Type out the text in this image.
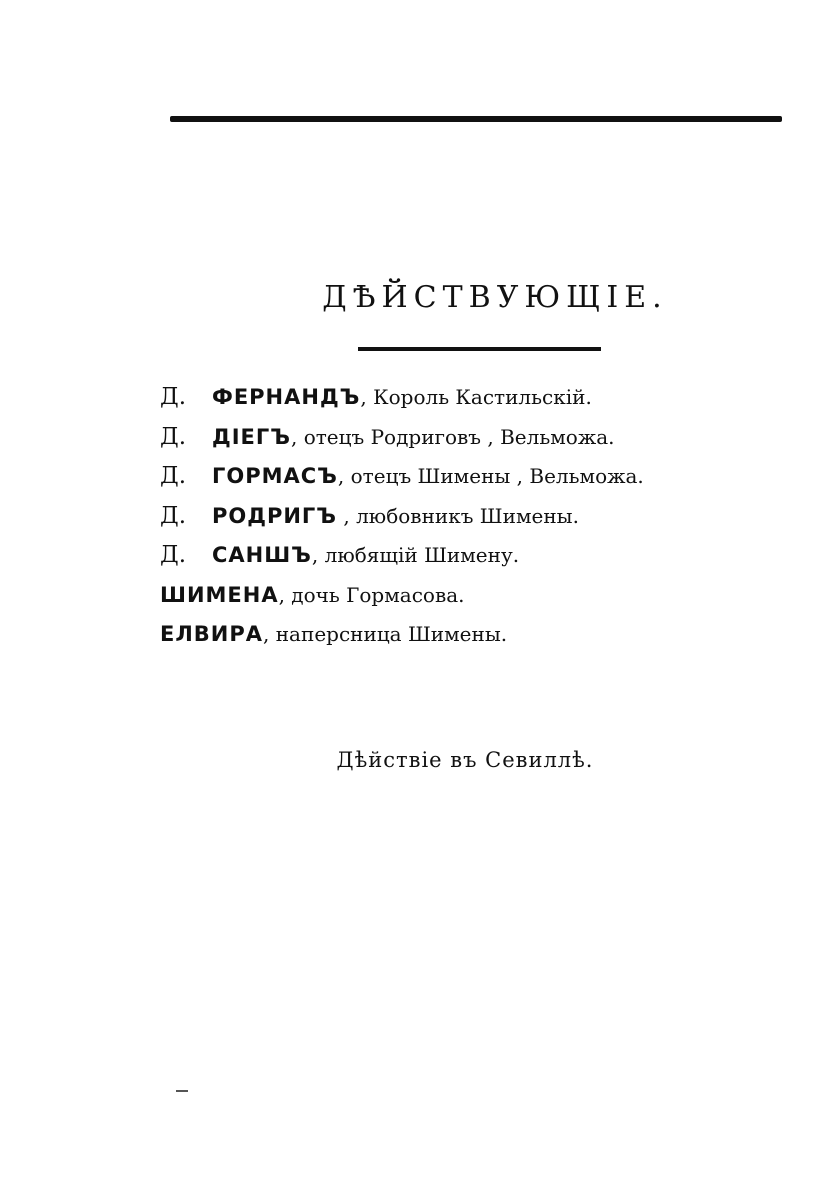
ДѢЙСТВУЮЩІЕ.
Д. ФЕРНАНДЪ, Король Кастильскій.
Д. ДІЕГЪ, отецъ Родриговъ , Вельможа.
Д. ГОРМАСЪ, отецъ Шимены , Вельможа.
Д. РОДРИГЪ , любовникъ Шимены.
Д. САНШЪ, любящій Шимену.
ШИМЕНА, дочь Гормасова.
ЕЛВИРА, наперсница Шимены.
Дѣйствіе въ Севиллѣ.
